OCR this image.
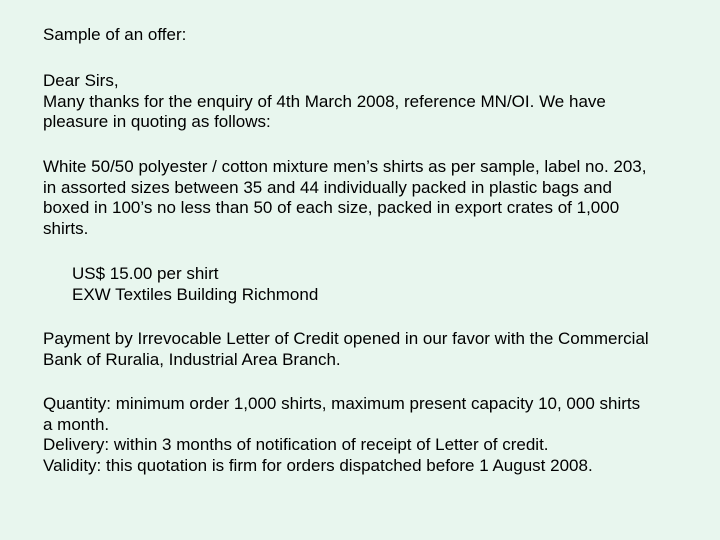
Sample of an offer:
Dear Sirs,
Many thanks for the enquiry of 4th March 2008, reference MN/OI. We have
pleasure in quoting as follows:
White 50/50 polyester / cotton mixture men’s shirts as per sample, label no. 203,
in assorted sizes between 35 and 44 individually packed in plastic bags and
boxed in 100’s no less than 50 of each size, packed in export crates of 1,000
shirts.
US$ 15.00 per shirt
EXW Textiles Building Richmond
Payment by Irrevocable Letter of Credit opened in our favor with the Commercial
Bank of Ruralia, Industrial Area Branch.
Quantity: minimum order 1,000 shirts, maximum present capacity 10, 000 shirts
a month.
Delivery: within 3 months of notification of receipt of Letter of credit.
Validity: this quotation is firm for orders dispatched before 1 August 2008.
